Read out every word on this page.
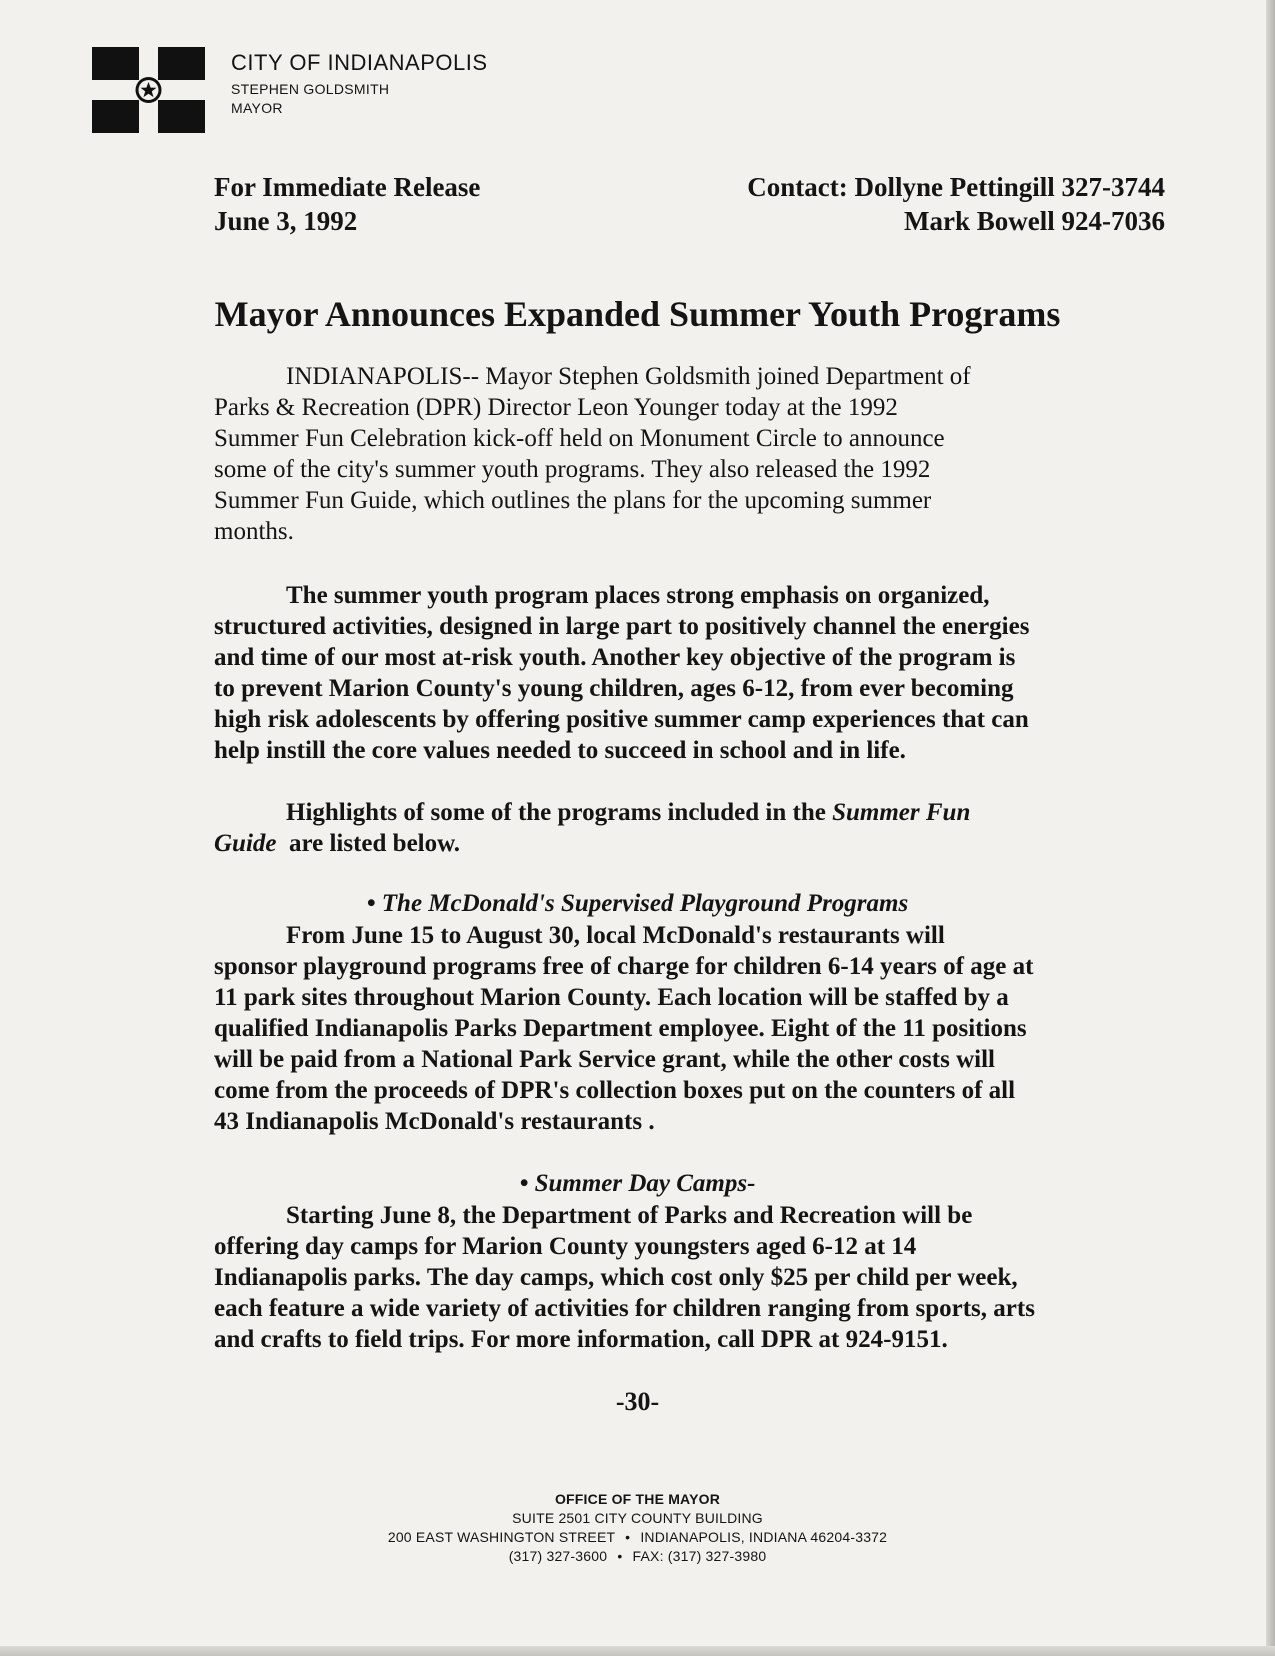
CITY OF INDIANAPOLIS
STEPHEN GOLDSMITH
MAYOR
For Immediate Release
June 3, 1992
Contact: Dollyne Pettingill 327-3744
Mark Bowell 924-7036
Mayor Announces Expanded Summer Youth Programs
INDIANAPOLIS-- Mayor Stephen Goldsmith joined Department of
Parks & Recreation (DPR) Director Leon Younger today at the 1992
Summer Fun Celebration kick-off held on Monument Circle to announce
some of the city's summer youth programs. They also released the 1992
Summer Fun Guide, which outlines the plans for the upcoming summer
months.
The summer youth program places strong emphasis on organized,
structured activities, designed in large part to positively channel the energies
and time of our most at-risk youth. Another key objective of the program is
to prevent Marion County's young children, ages 6-12, from ever becoming
high risk adolescents by offering positive summer camp experiences that can
help instill the core values needed to succeed in school and in life.
Highlights of some of the programs included in the Summer Fun
Guide  are listed below.
• The McDonald's Supervised Playground Programs
From June 15 to August 30, local McDonald's restaurants will
sponsor playground programs free of charge for children 6-14 years of age at
11 park sites throughout Marion County. Each location will be staffed by a
qualified Indianapolis Parks Department employee. Eight of the 11 positions
will be paid from a National Park Service grant, while the other costs will
come from the proceeds of DPR's collection boxes put on the counters of all
43 Indianapolis McDonald's restaurants .
• Summer Day Camps-
Starting June 8, the Department of Parks and Recreation will be
offering day camps for Marion County youngsters aged 6-12 at 14
Indianapolis parks. The day camps, which cost only $25 per child per week,
each feature a wide variety of activities for children ranging from sports, arts
and crafts to field trips. For more information, call DPR at 924-9151.
-30-
OFFICE OF THE MAYOR
SUITE 2501 CITY COUNTY BUILDING
200 EAST WASHINGTON STREET • INDIANAPOLIS, INDIANA 46204-3372
(317) 327-3600 • FAX: (317) 327-3980
